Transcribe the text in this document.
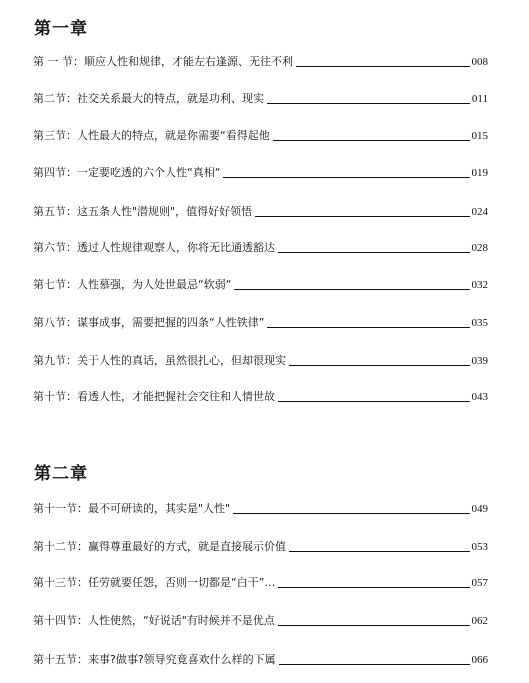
第一章
第 一 节：顺应人性和规律，才能左右逢源、无往不利	008
第二节：社交关系最大的特点，就是功利、现实	011
第三节：人性最大的特点，就是你需要“看得起他	015
第四节：一定要吃透的六个人性“真相“	019
第五节：这五条人性"潜规则"，值得好好领悟	024
第六节：透过人性规律观察人，你将无比通透豁达	028
第七节：人性慕强，为人处世最忌“软弱“	032
第八节：谋事成事，需要把握的四条“人性铁律”	035
第九节：关于人性的真话，虽然很扎心，但却很现实	039
第十节：看透人性，才能把握社会交往和人情世故	043
第二章
第十一节：最不可研读的，其实是"人性"	049
第十二节：赢得尊重最好的方式，就是直接展示价值	053
第十三节：任劳就要任怨，否则一切都是“白干”…	057
第十四节：人性使然，“好说话"有时候并不是优点	062
第十五节：来事?做事?领导究竟喜欢什么样的下属	066
